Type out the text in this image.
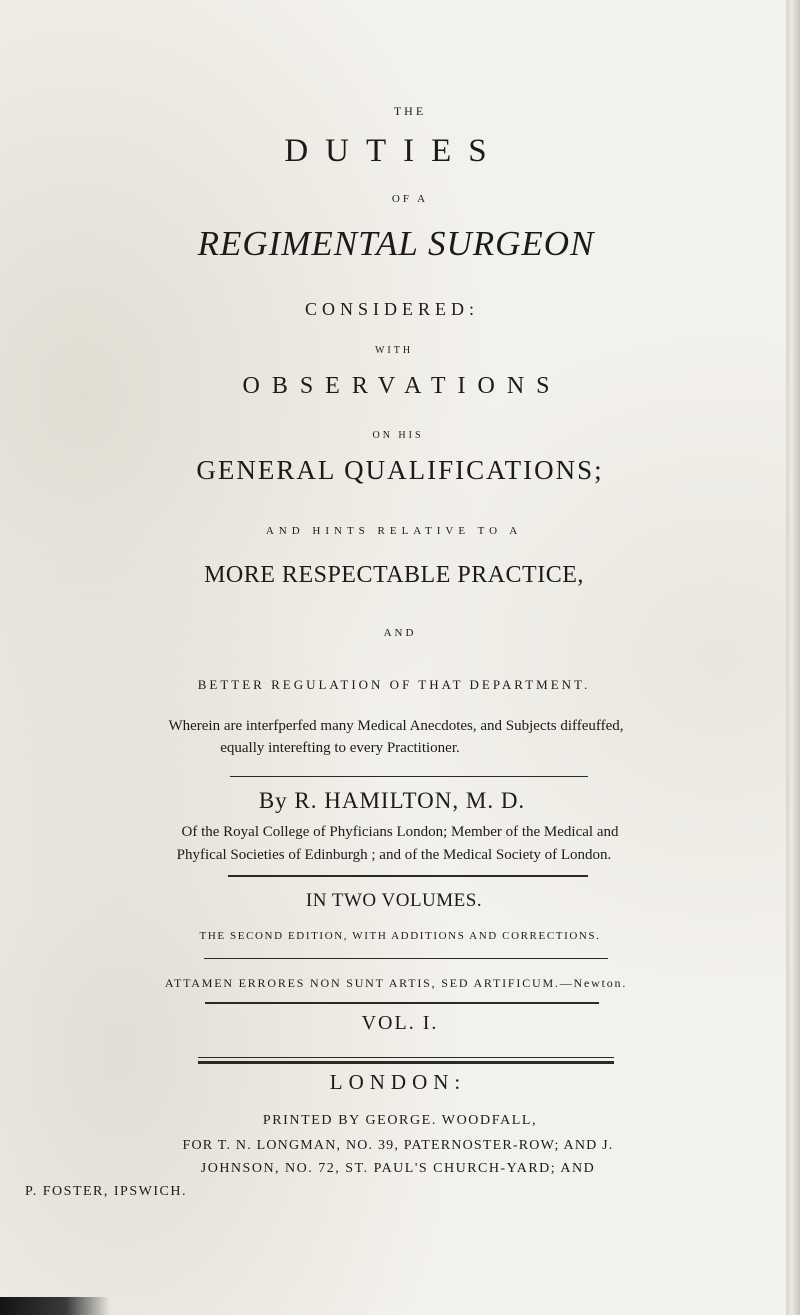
THE
DUTIES
OF A
REGIMENTAL SURGEON
CONSIDERED:
WITH
OBSERVATIONS
ON HIS
GENERAL QUALIFICATIONS;
AND HINTS RELATIVE TO A
MORE RESPECTABLE PRACTICE,
AND
BETTER REGULATION OF THAT DEPARTMENT.
Wherein are interfperfed many Medical Anecdotes, and Subjects diffeuffed,
equally interefting to every Practitioner.
By R. HAMILTON, M. D.
Of the Royal College of Phyficians London; Member of the Medical and
Phyfical Societies of Edinburgh ; and of the Medical Society of London.
IN TWO VOLUMES.
THE SECOND EDITION, WITH ADDITIONS AND CORRECTIONS.
ATTAMEN ERRORES NON SUNT ARTIS, SED ARTIFICUM.—Newton.
VOL. I.
LONDON:
PRINTED BY GEORGE. WOODFALL,
FOR T. N. LONGMAN, NO. 39, PATERNOSTER-ROW; AND J.
JOHNSON, NO. 72, ST. PAUL'S CHURCH-YARD; AND
P. FOSTER, IPSWICH.
